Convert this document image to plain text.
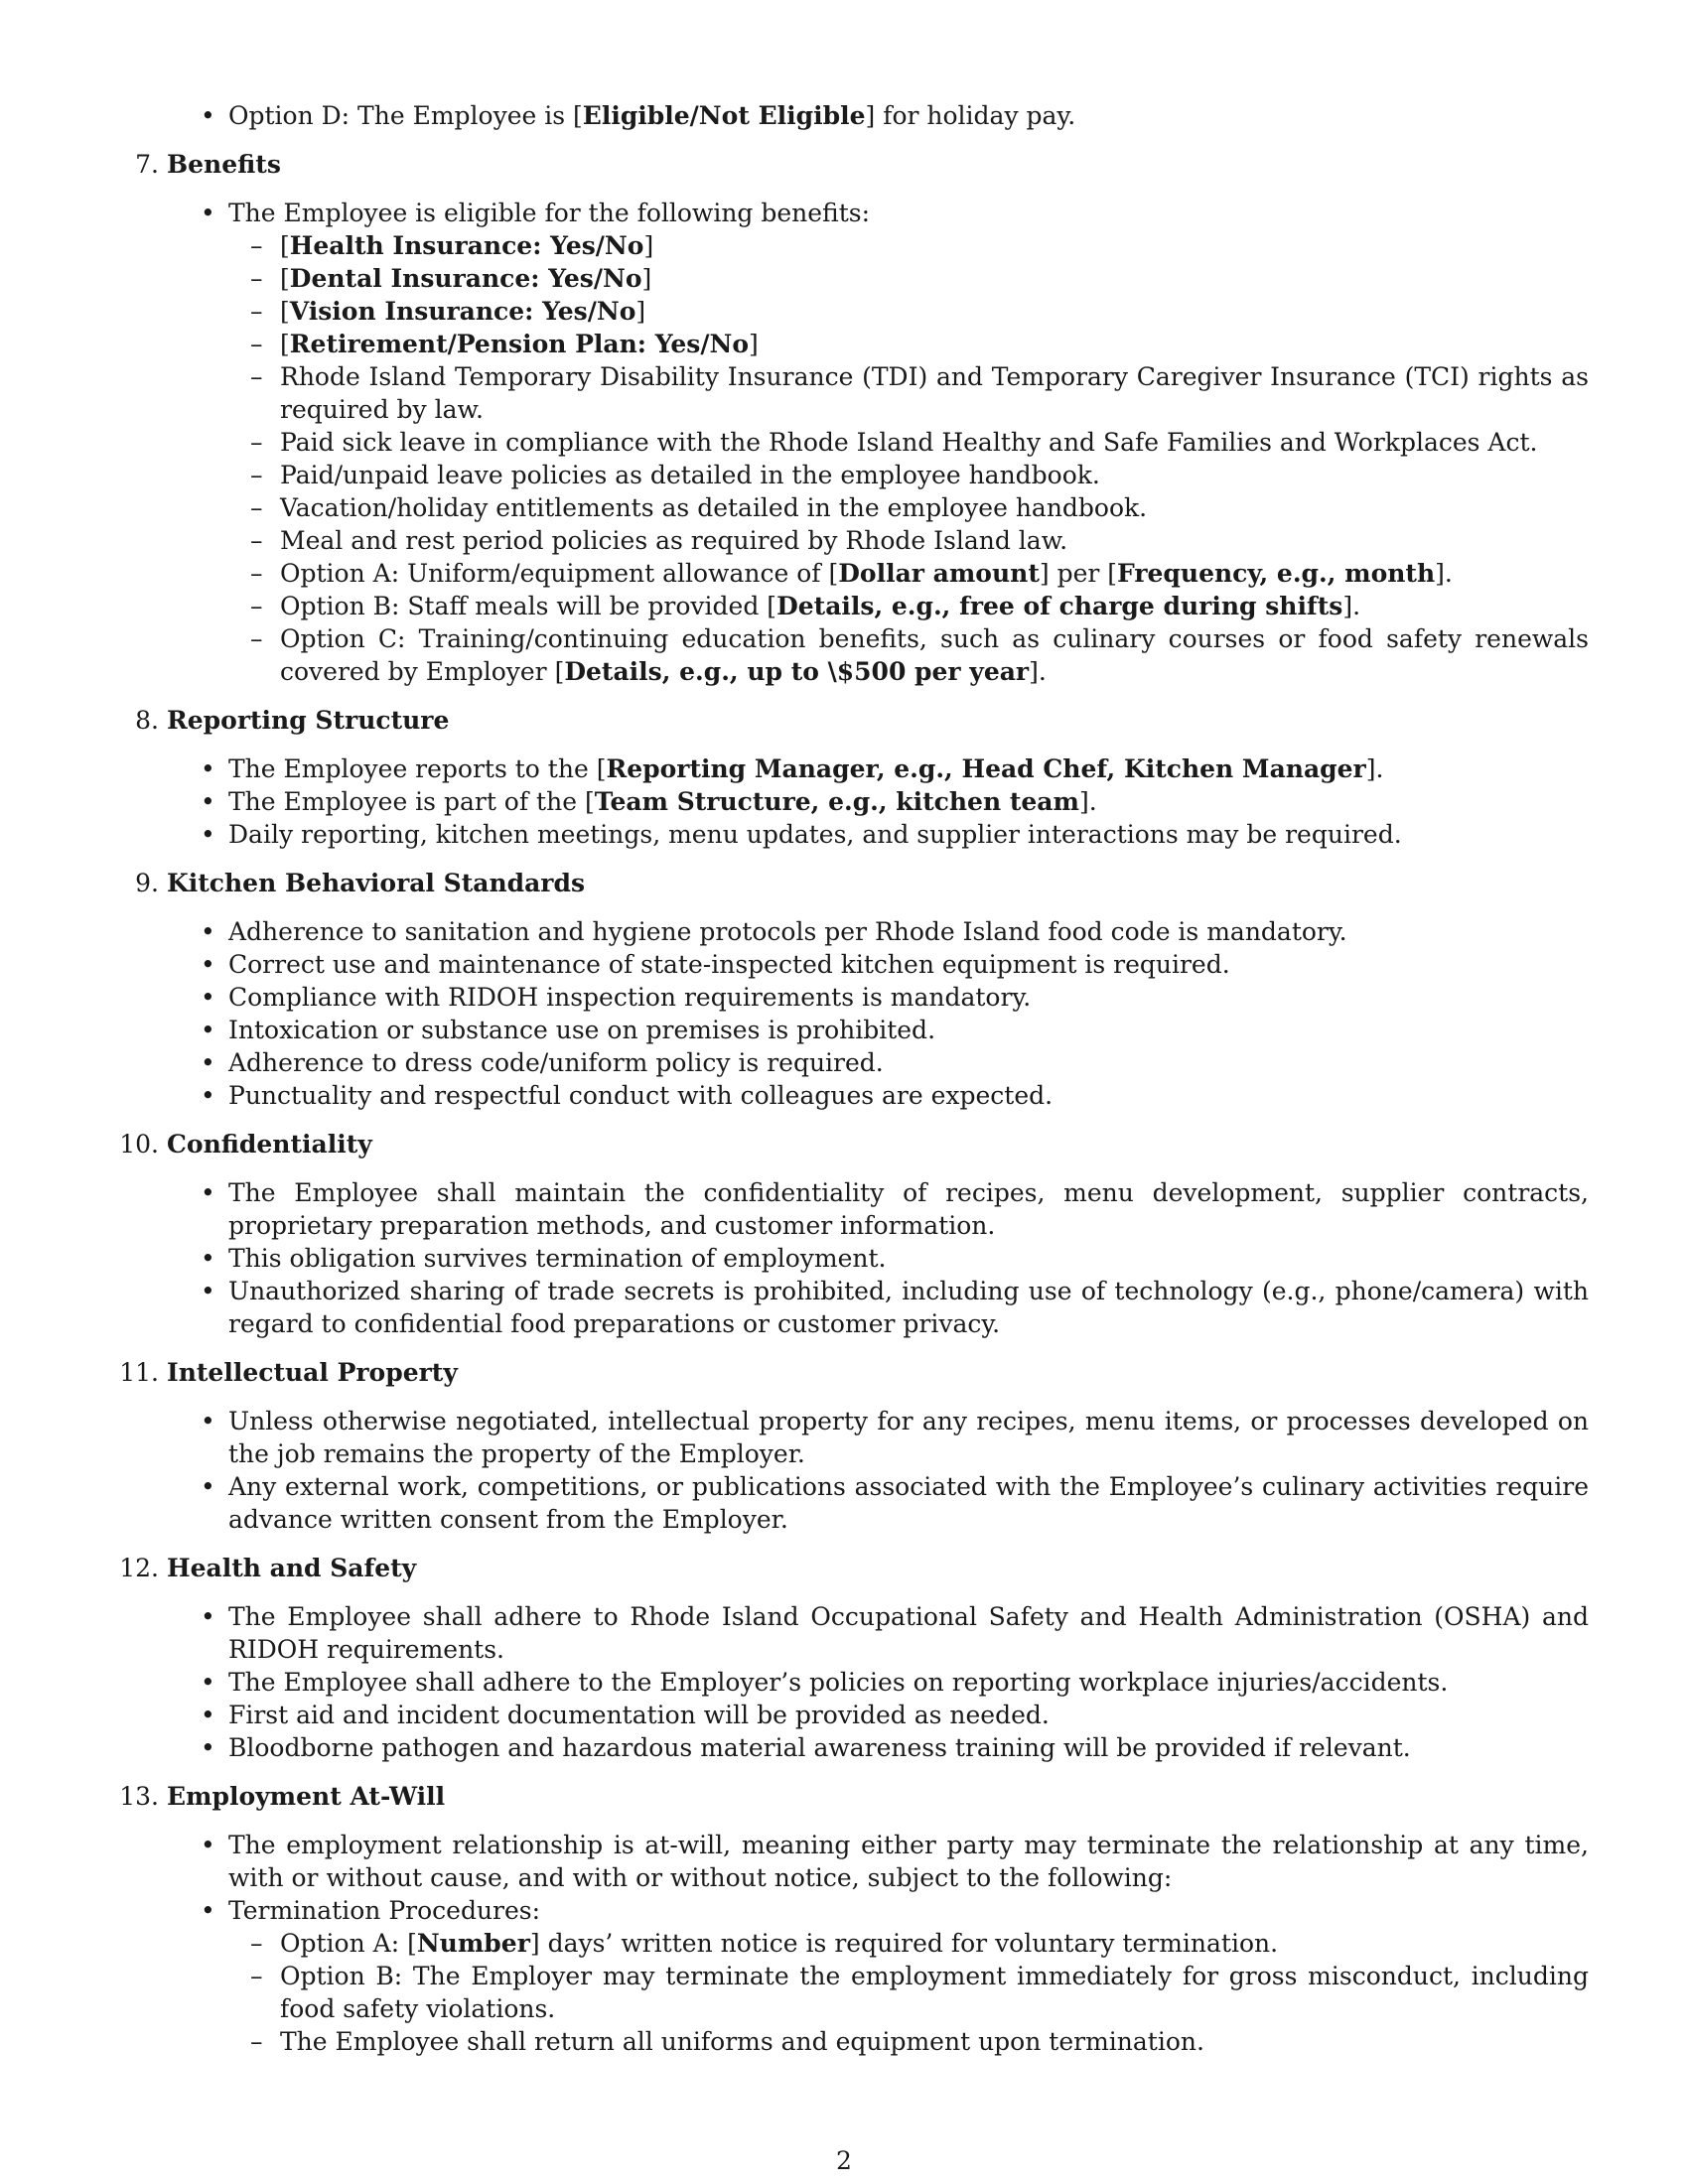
• Option D: The Employee is [Eligible/Not Eligible] for holiday pay.
7. Benefits
• The Employee is eligible for the following benefits:
– [Health Insurance: Yes/No]
– [Dental Insurance: Yes/No]
– [Vision Insurance: Yes/No]
– [Retirement/Pension Plan: Yes/No]
– Rhode Island Temporary Disability Insurance (TDI) and Temporary Caregiver Insurance (TCI) rights as required by law.
– Paid sick leave in compliance with the Rhode Island Healthy and Safe Families and Workplaces Act.
– Paid/unpaid leave policies as detailed in the employee handbook.
– Vacation/holiday entitlements as detailed in the employee handbook.
– Meal and rest period policies as required by Rhode Island law.
– Option A: Uniform/equipment allowance of [Dollar amount] per [Frequency, e.g., month].
– Option B: Staff meals will be provided [Details, e.g., free of charge during shifts].
– Option C: Training/continuing education benefits, such as culinary courses or food safety renewals covered by Employer [Details, e.g., up to \$500 per year].
8. Reporting Structure
• The Employee reports to the [Reporting Manager, e.g., Head Chef, Kitchen Manager].
• The Employee is part of the [Team Structure, e.g., kitchen team].
• Daily reporting, kitchen meetings, menu updates, and supplier interactions may be required.
9. Kitchen Behavioral Standards
• Adherence to sanitation and hygiene protocols per Rhode Island food code is mandatory.
• Correct use and maintenance of state-inspected kitchen equipment is required.
• Compliance with RIDOH inspection requirements is mandatory.
• Intoxication or substance use on premises is prohibited.
• Adherence to dress code/uniform policy is required.
• Punctuality and respectful conduct with colleagues are expected.
10. Confidentiality
• The Employee shall maintain the confidentiality of recipes, menu development, supplier contracts, proprietary preparation methods, and customer information.
• This obligation survives termination of employment.
• Unauthorized sharing of trade secrets is prohibited, including use of technology (e.g., phone/camera) with regard to confidential food preparations or customer privacy.
11. Intellectual Property
• Unless otherwise negotiated, intellectual property for any recipes, menu items, or processes developed on the job remains the property of the Employer.
• Any external work, competitions, or publications associated with the Employee’s culinary activities require advance written consent from the Employer.
12. Health and Safety
• The Employee shall adhere to Rhode Island Occupational Safety and Health Administration (OSHA) and RIDOH requirements.
• The Employee shall adhere to the Employer’s policies on reporting workplace injuries/accidents.
• First aid and incident documentation will be provided as needed.
• Bloodborne pathogen and hazardous material awareness training will be provided if relevant.
13. Employment At-Will
• The employment relationship is at-will, meaning either party may terminate the relationship at any time, with or without cause, and with or without notice, subject to the following:
• Termination Procedures:
– Option A: [Number] days’ written notice is required for voluntary termination.
– Option B: The Employer may terminate the employment immediately for gross misconduct, including food safety violations.
– The Employee shall return all uniforms and equipment upon termination.
2
